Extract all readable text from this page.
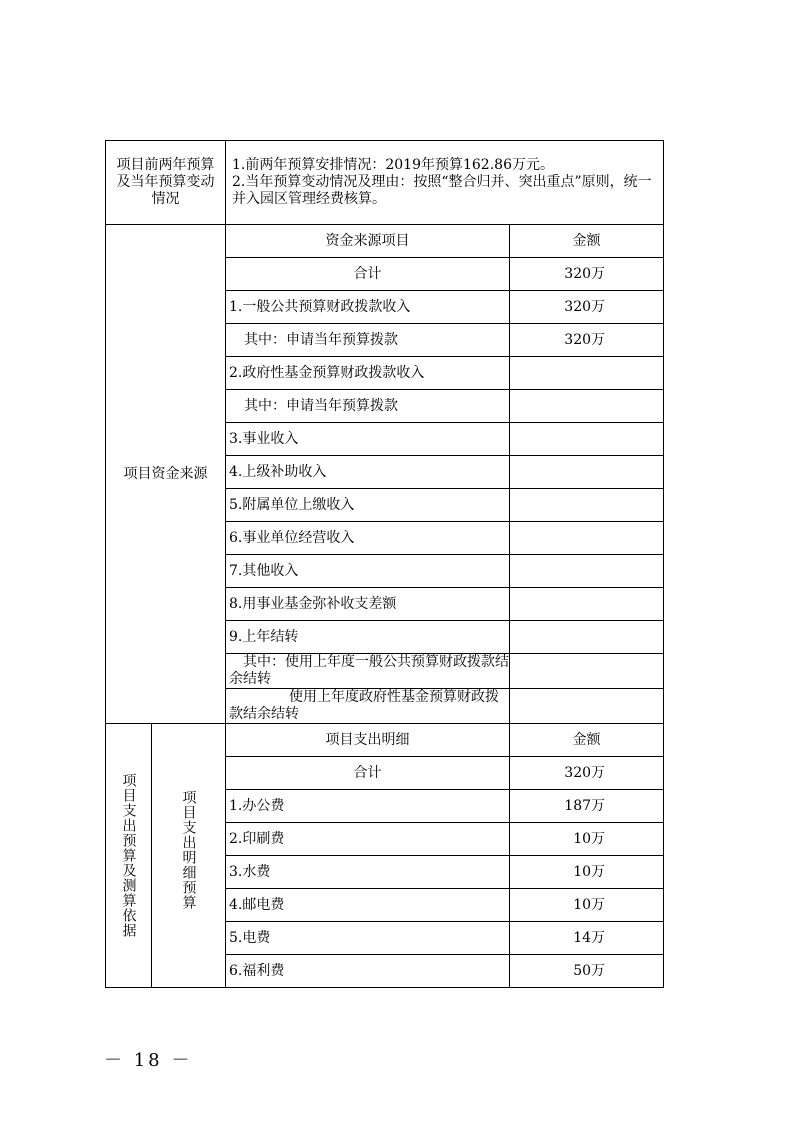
项目前两年预算及当年预算变动情况		1.前两年预算安排情况：2019年预算162.86万元。

2.当年预算变动情况及理由：按照“整合归并、突出重点”原则，统一并入园区管理经费核算。	

项目资金来源		资金来源项目	金额
		合计	320万
		1.一般公共预算财政拨款收入	320万
		其中：申请当年预算拨款	320万
		2.政府性基金预算财政拨款收入	
		其中：申请当年预算拨款	
		3.事业收入	
		4.上级补助收入	
		5.附属单位上缴收入	
		6.事业单位经营收入	
		7.其他收入	
		8.用事业基金弥补收支差额	
		9.上年结转	
		其中：使用上年度一般公共预算财政拨款结余结转	
		使用上年度政府性基金预算财政拨款结余结转	

项目支出预算及测算依据	项目支出明细预算	项目支出明细	金额
		合计	320万
		1.办公费	187万
		2.印刷费	10万
		3.水费	10万
		4.邮电费	10万
		5.电费	14万
		6.福利费	50万
－ 18 －
